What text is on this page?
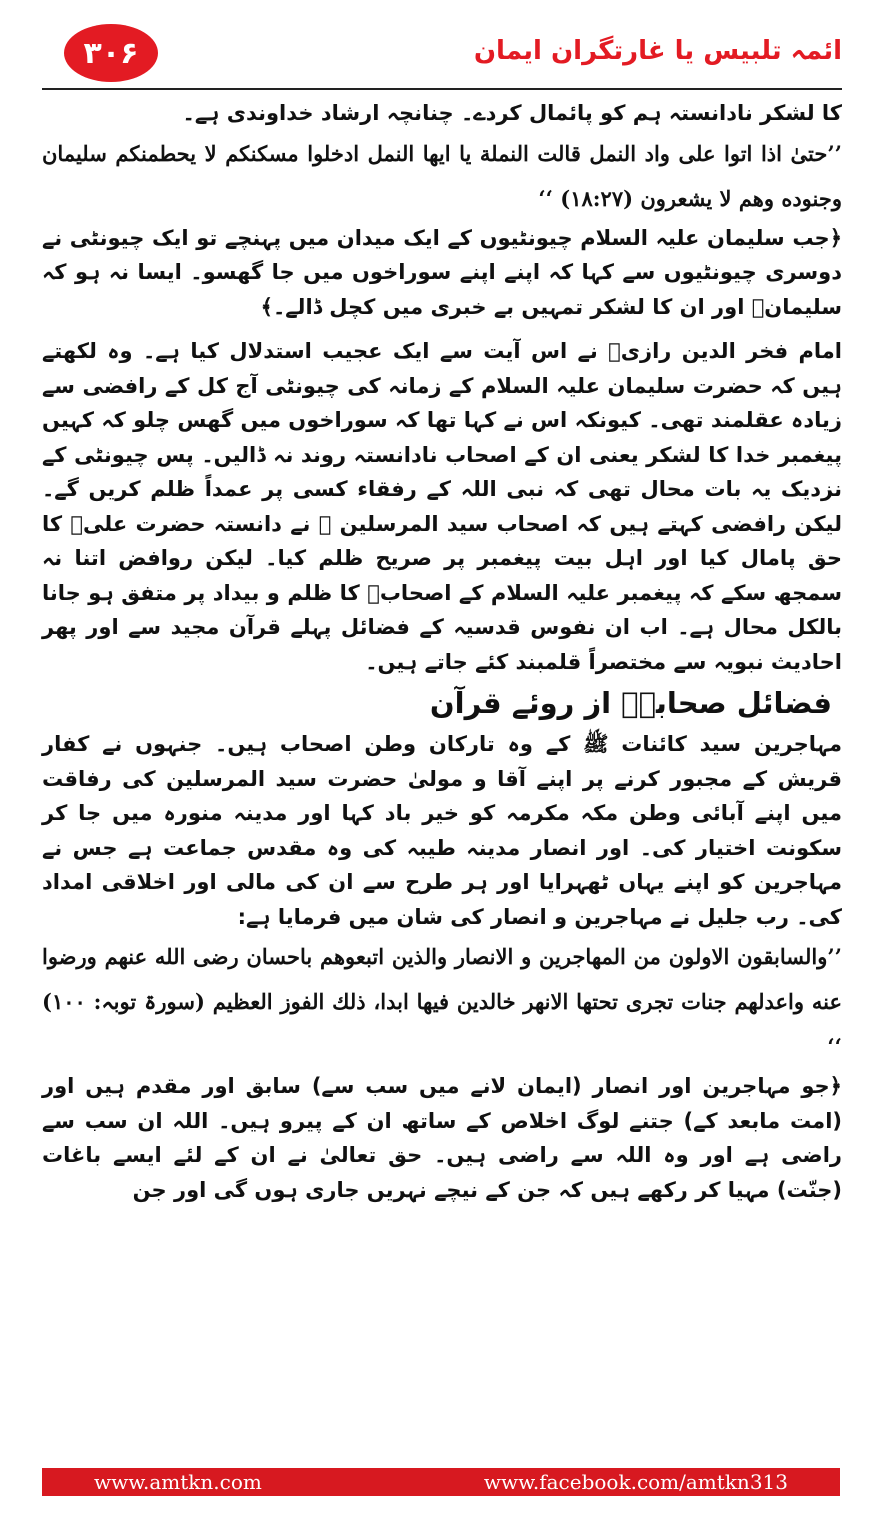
۳۰۶	ائمہ تلبیس یا غارتگران ایمان

کا لشکر نادانستہ ہم کو پائمال کردے۔ چنانچہ ارشاد خداوندی ہے۔

’’حتیٰ اذا اتوا علی واد النمل قالت النملة یا ایها النمل ادخلوا مسکنکم لا یحطمنکم سلیمان وجنوده وهم لا یشعرون (۱۸:۲۷) ‘‘

﴿جب سلیمان علیہ السلام چیونٹیوں کے ایک میدان میں پہنچے تو ایک چیونٹی نے دوسری چیونٹیوں سے کہا کہ اپنے اپنے سوراخوں میں جا گھسو۔ ایسا نہ ہو کہ سلیمانؑ اور ان کا لشکر تمہیں بے خبری میں کچل ڈالے۔﴾

امام فخر الدین رازیؒ نے اس آیت سے ایک عجیب استدلال کیا ہے۔ وہ لکھتے ہیں کہ حضرت سلیمان علیہ السلام کے زمانہ کی چیونٹی آج کل کے رافضی سے زیادہ عقلمند تھی۔ کیونکہ اس نے کہا تھا کہ سوراخوں میں گھس چلو کہ کہیں پیغمبر خدا کا لشکر یعنی ان کے اصحاب نادانستہ روند نہ ڈالیں۔ پس چیونٹی کے نزدیک یہ بات محال تھی کہ نبی اللہ کے رفقاء کسی پر عمداً ظلم کریں گے۔ لیکن رافضی کہتے ہیں کہ اصحاب سید المرسلین ﷺ نے دانستہ حضرت علیؓ کا حق پامال کیا اور اہل بیت پیغمبر پر صریح ظلم کیا۔ لیکن روافض اتنا نہ سمجھ سکے کہ پیغمبر علیہ السلام کے اصحابؓ کا ظلم و بیداد پر متفق ہو جانا بالکل محال ہے۔ اب ان نفوس قدسیہ کے فضائل پہلے قرآن مجید سے اور پھر احادیث نبویہ سے مختصراً قلمبند کئے جاتے ہیں۔

فضائل صحابہؓ از روئے قرآن

مہاجرین سید کائنات ﷺ کے وہ تارکان وطن اصحاب ہیں۔ جنہوں نے کفار قریش کے مجبور کرنے پر اپنے آقا و مولیٰ حضرت سید المرسلین کی رفاقت میں اپنے آبائی وطن مکہ مکرمہ کو خیر باد کہا اور مدینہ منورہ میں جا کر سکونت اختیار کی۔ اور انصار مدینہ طیبہ کی وہ مقدس جماعت ہے جس نے مہاجرین کو اپنے یہاں ٹھہرایا اور ہر طرح سے ان کی مالی اور اخلاقی امداد کی۔ رب جلیل نے مہاجرین و انصار کی شان میں فرمایا ہے:

’’والسابقون الاولون من المهاجرین و الانصار والذین اتبعوهم باحسان رضی الله عنهم ورضوا عنه واعدلهم جنات تجری تحتها الانهر خالدین فیها ابدا، ذلك الفوز العظیم (سورۃ توبہ: ۱۰۰) ‘‘

﴿جو مہاجرین اور انصار (ایمان لانے میں سب سے) سابق اور مقدم ہیں اور (امت مابعد کے) جتنے لوگ اخلاص کے ساتھ ان کے پیرو ہیں۔ اللہ ان سب سے راضی ہے اور وہ اللہ سے راضی ہیں۔ حق تعالیٰ نے ان کے لئے ایسے باغات (جنّت) مہیا کر رکھے ہیں کہ جن کے نیچے نہریں جاری ہوں گی اور جن

www.amtkn.com	www.facebook.com/amtkn313
